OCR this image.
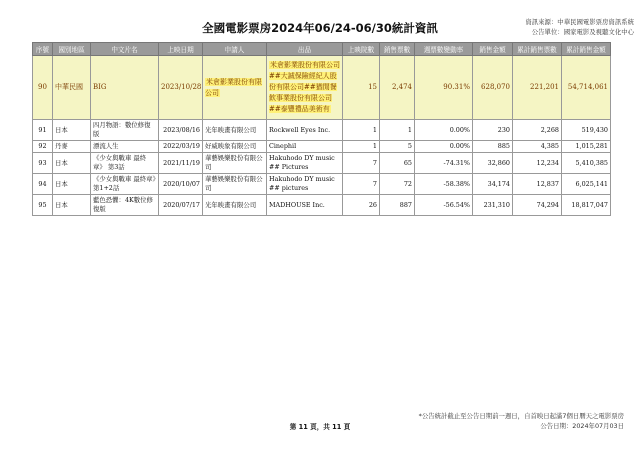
全國電影票房2024年06/24-06/30統計資訊	資訊來源：中華民國電影票房資訊系統
公告單位：國家電影及視聽文化中心
序號	國別地區	中文片名	上映日期	申請人	出品	上映院數	銷售票數	週票數變動率	銷售金額	累計銷售票數	累計銷售金額
90	中華民國	BIG	2023/10/28	米倉影業股份有限公司	米倉影業股份有限公司##大誠保險經紀人股份有限公司##猶閒餐飲事業股份有限公司##泰豐禮品美術有	15	2,474	90.31%	628,070	221,201	54,714,061
91	日本	四月物語：數位修復版	2023/08/16	光年映畫有限公司	Rockwell Eyes Inc.	1	1	0.00%	230	2,268	519,430
92	丹麥	漂流人生	2022/03/19	好威映象有限公司	Cinephil	1	5	0.00%	885	4,385	1,015,281
93	日本	《少女與戰車 最終章》 第3話	2021/11/19	華藝娛樂股份有限公司	Hakuhodo DY music ## Pictures	7	65	-74.31%	32,860	12,234	5,410,385
94	日本	《少女與戰車 最終章》第1+2話	2020/10/07	華藝娛樂股份有限公司	Hakuhodo DY music ## pictures	7	72	-58.38%	34,174	12,837	6,025,141
95	日本	藍色恐懼：4K數位修復版	2020/07/17	光年映畫有限公司	MADHOUSE Inc.	26	887	-56.54%	231,310	74,294	18,817,047
*公告統計截止至公告日期前一週日，自首映日起滿7個日曆天之電影票房
公告日期：2024年07月03日
第 11 頁，共 11 頁
